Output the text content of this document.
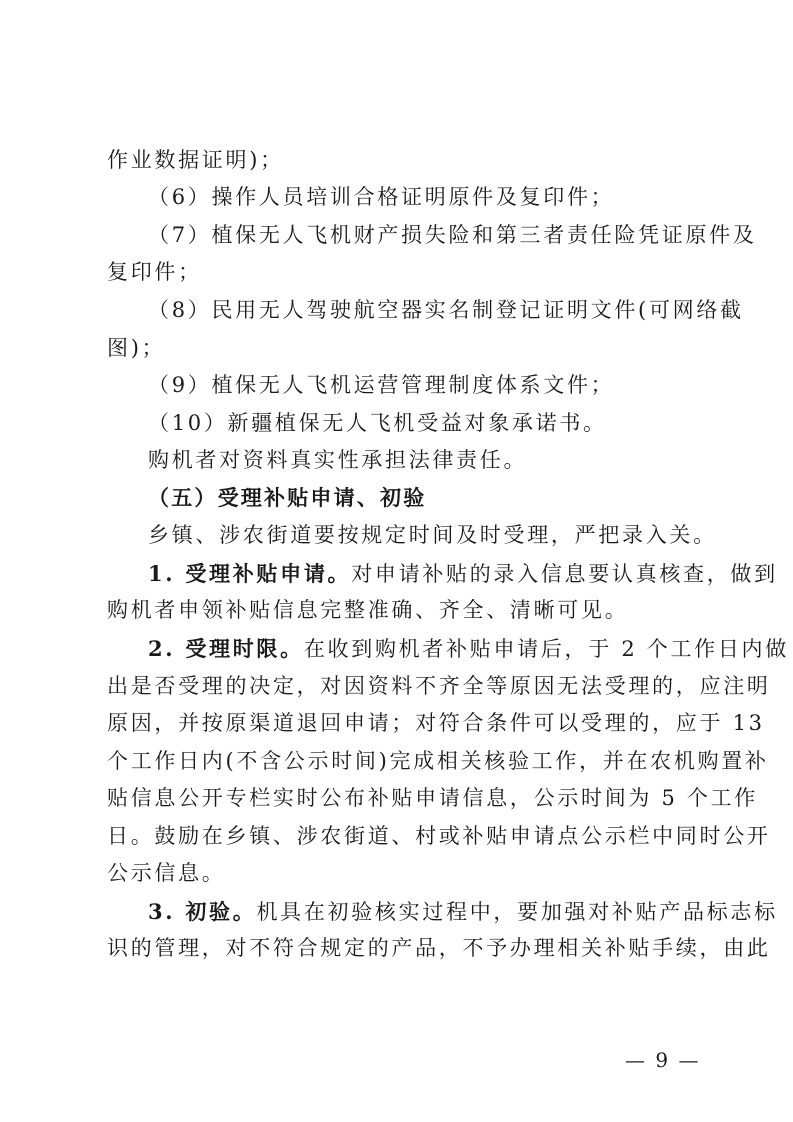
作业数据证明)；
（6）操作人员培训合格证明原件及复印件；
（7）植保无人飞机财产损失险和第三者责任险凭证原件及
复印件；
（8）民用无人驾驶航空器实名制登记证明文件(可网络截
图)；
（9）植保无人飞机运营管理制度体系文件；
（10）新疆植保无人飞机受益对象承诺书。
购机者对资料真实性承担法律责任。
（五）受理补贴申请、初验
乡镇、涉农街道要按规定时间及时受理，严把录入关。
1. 受理补贴申请。对申请补贴的录入信息要认真核查，做到
购机者申领补贴信息完整准确、齐全、清晰可见。
2. 受理时限。在收到购机者补贴申请后，于 2 个工作日内做
出是否受理的决定，对因资料不齐全等原因无法受理的，应注明
原因，并按原渠道退回申请；对符合条件可以受理的，应于 13
个工作日内(不含公示时间)完成相关核验工作，并在农机购置补
贴信息公开专栏实时公布补贴申请信息，公示时间为 5 个工作
日。鼓励在乡镇、涉农街道、村或补贴申请点公示栏中同时公开
公示信息。
3. 初验。机具在初验核实过程中，要加强对补贴产品标志标
识的管理，对不符合规定的产品，不予办理相关补贴手续，由此
— 9 —
